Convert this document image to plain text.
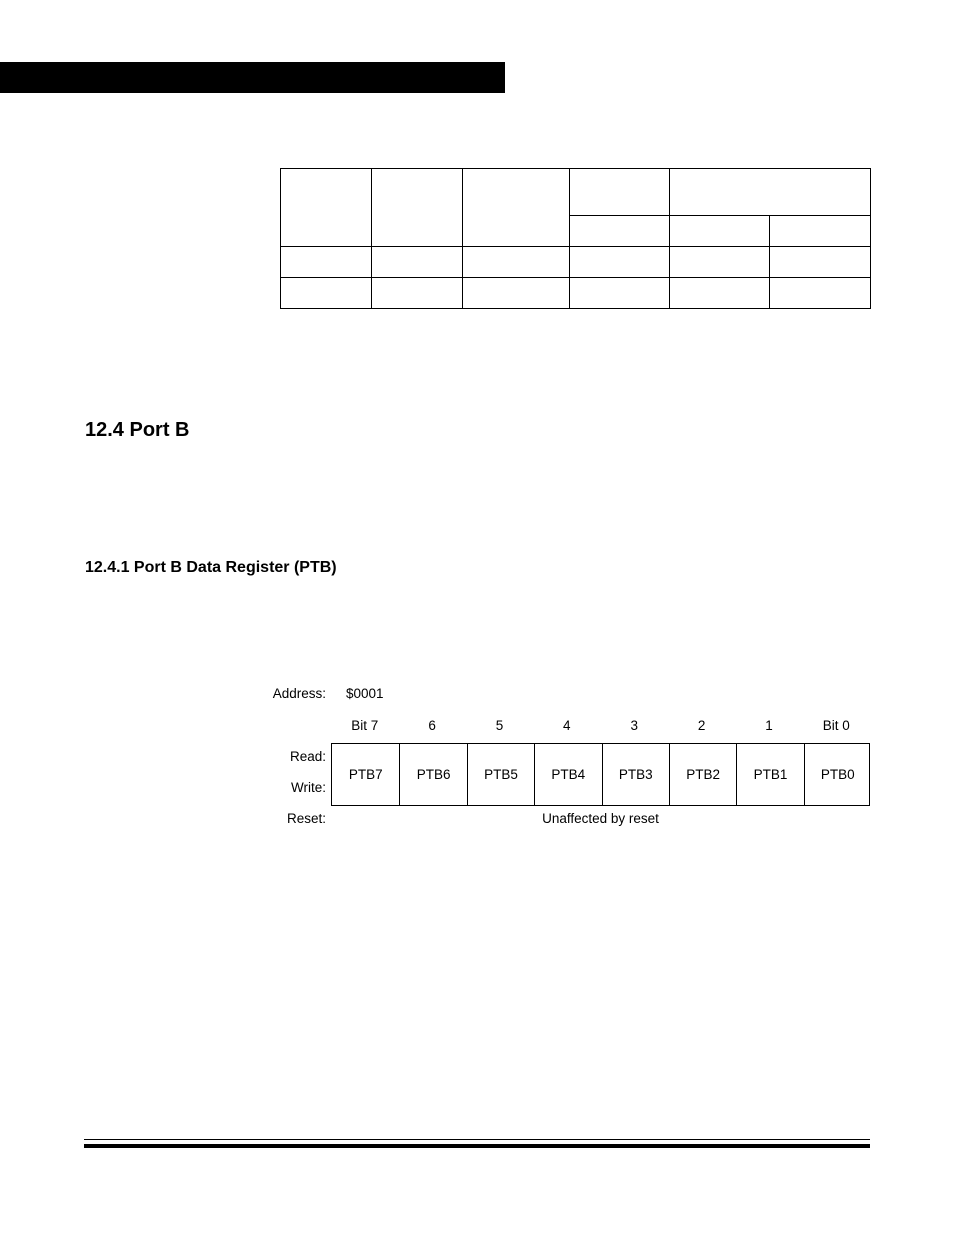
12.4 Port B
12.4.1 Port B Data Register (PTB)
Address: $0001
Bit 7	6	5	4	3	2	1	Bit 0
Read:
Write:
PTB7	PTB6	PTB5	PTB4	PTB3	PTB2	PTB1	PTB0
Reset:	Unaffected by reset
